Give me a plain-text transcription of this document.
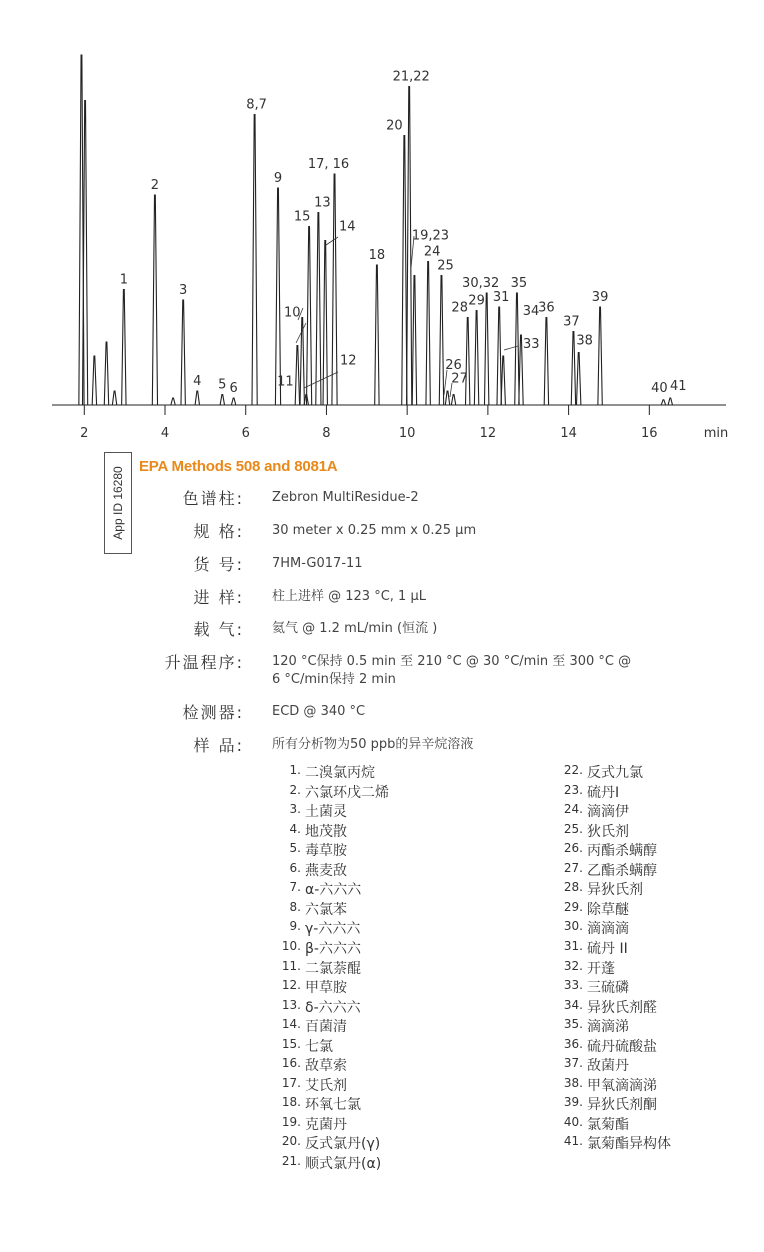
1
2
3
4 5 6
8,7
9
11
10
12
15
13
14
17, 16
18
20
21,22
19,23
24
25
26
27
28 29
30,32
31
33
35
34
36
37
38
39
40 41
2	4	6	8	10	12	14	16	min
App ID 16280 EPA Methods 508 and 8081A
色谱柱: Zebron MultiResidue-2
规 格: 30 meter x 0.25 mm x 0.25 µm
货 号: 7HM-G017-11
进 样: 柱上进样 @ 123 °C, 1 µL
载 气: 氦气 @ 1.2 mL/min (恒流 )
升温程序: 120 °C保持 0.5 min 至 210 °C @ 30 °C/min 至 300 °C @
6 °C/min保持 2 min
检测器: ECD @ 340 °C
样 品: 所有分析物为50 ppb的异辛烷溶液
1. 二溴氯丙烷
2. 六氯环戊二烯
3. 土菌灵
4. 地茂散
5. 毒草胺
6. 燕麦敌
7. α-六六六
8. 六氯苯
9. γ-六六六
10. β-六六六
11. 二氯萘醌
12. 甲草胺
13. δ-六六六
14. 百菌清
15. 七氯
16. 敌草索
17. 艾氏剂
18. 环氧七氯
19. 克菌丹
20. 反式氯丹(γ)
21. 顺式氯丹(α)
22. 反式九氯
23. 硫丹I
24. 滴滴伊
25. 狄氏剂
26. 丙酯杀螨醇
27. 乙酯杀螨醇
28. 异狄氏剂
29. 除草醚
30. 滴滴滴
31. 硫丹 II
32. 开蓬
33. 三硫磷
34. 异狄氏剂醛
35. 滴滴涕
36. 硫丹硫酸盐
37. 敌菌丹
38. 甲氧滴滴涕
39. 异狄氏剂酮
40. 氯菊酯
41. 氯菊酯异构体
